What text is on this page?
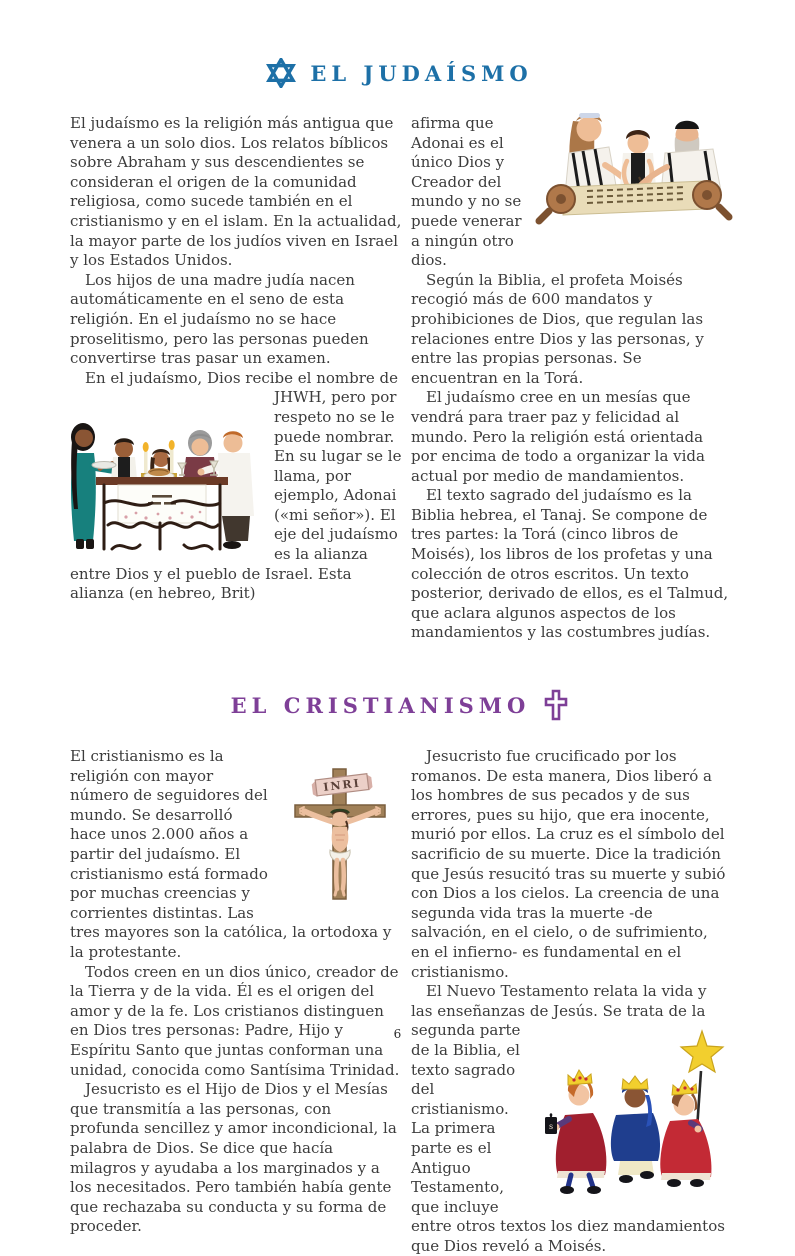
EL JUDAÍSMO

El judaísmo es la religión más antigua que venera a un solo dios. Los relatos bíblicos sobre Abraham y sus descendientes se consideran el origen de la comunidad religiosa, como sucede también en el cristianismo y en el islam. En la actualidad, la mayor parte de los judíos viven en Israel y los Estados Unidos.

Los hijos de una madre judía nacen automáticamente en el seno de esta religión. En el judaísmo no se hace proselitismo, pero las personas pueden convertirse tras pasar un examen.

En el judaísmo, Dios recibe el nombre de JHWH,
pero por respeto no se le puede nombrar. En su lugar se le llama, por ejemplo, Adonai («mi señor»). El eje del judaísmo es la alianza entre Dios y el pueblo de Israel. Esta alianza (en hebreo, Brit)

afirma que Adonai es el único Dios y Creador del mundo y no se puede venerar a ningún otro dios.

Según la Biblia, el profeta Moisés recogió más de 600 mandatos y prohibiciones de Dios, que regulan las relaciones entre Dios y las personas, y entre las propias personas. Se encuentran en la Torá.

El judaísmo cree en un mesías que vendrá para traer paz y felicidad al mundo. Pero la religión está orientada por encima de todo a organizar la vida actual por medio de mandamientos.

El texto sagrado del judaísmo es la Biblia hebrea, el Tanaj. Se compone de tres partes: la Torá (cinco libros de Moisés), los libros de los profetas y una colección de otros escritos. Un texto posterior, derivado de ellos, es el Talmud, que aclara algunos aspectos de los mandamientos y las costumbres judías.

EL CRISTIANISMO
INRI

El cristianismo es la religión con mayor número de seguidores del mundo. Se desarrolló hace unos 2.000 años a partir del judaísmo. El cristianismo está formado por muchas creencias y corrientes distintas. Las tres mayores son la católica, la ortodoxa y la protestante.

Todos creen en un dios único, creador de la Tierra y de la vida. Él es el origen del amor y de la fe. Los cristianos distinguen en Dios tres personas: Padre, Hijo y Espíritu Santo que juntas conforman una unidad, conocida como Santísima Trinidad.

Jesucristo es el Hijo de Dios y el Mesías que transmitía a las personas, con profunda sencillez y amor incondicional, la palabra de Dios. Se dice que hacía milagros y ayudaba a los marginados y a los necesitados. Pero también había gente que rechazaba su conducta y su forma de proceder.

Jesucristo fue crucificado por los romanos. De esta manera, Dios liberó a los hombres de sus pecados y de sus errores, pues su hijo, que era inocente, murió por ellos. La cruz es el símbolo del sacrificio de su muerte. Dice la tradición que Jesús resucitó tras su muerte y subió con Dios a los cielos. La creencia de una segunda vida tras la muerte -de salvación, en el cielo, o de sufrimiento, en el infierno- es fundamental en el cristianismo.

El Nuevo Testamento relata la vida y las enseñanzas de Jesús. Se trata
s
de la segunda parte de la Biblia, el texto sagrado del cristianismo. La primera parte es el Antiguo Testamento, que incluye entre otros textos los diez mandamientos que Dios reveló a Moisés.

6
